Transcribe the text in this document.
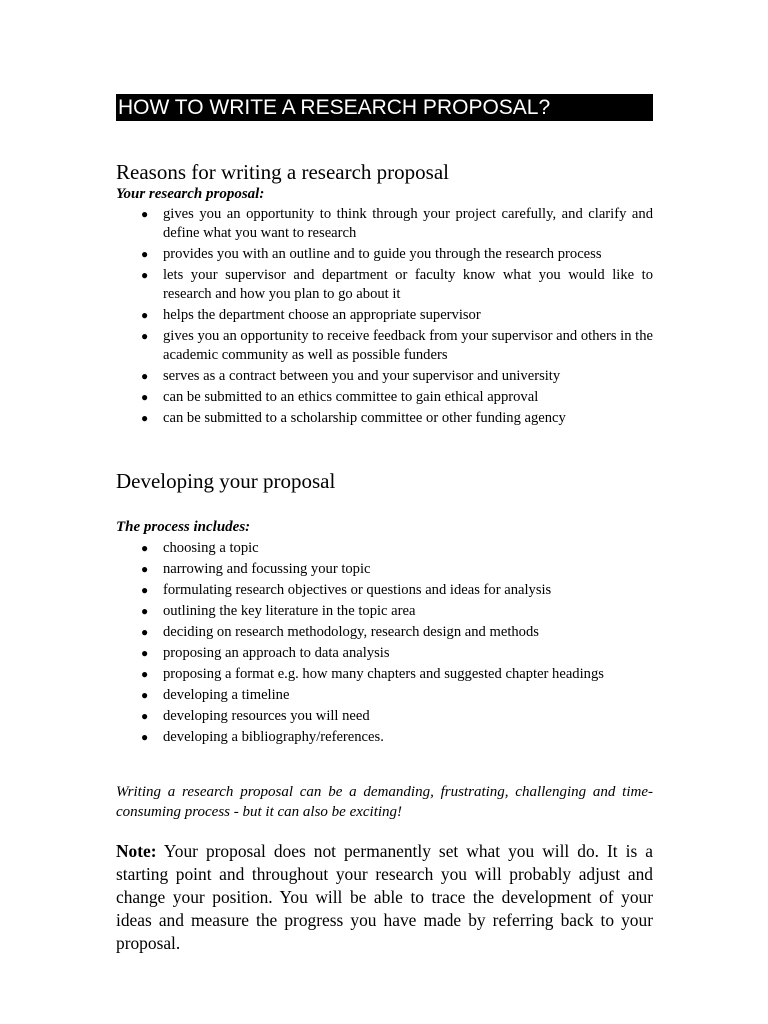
HOW TO WRITE A RESEARCH PROPOSAL?
Reasons for writing a research proposal
Your research proposal:
● gives you an opportunity to think through your project carefully, and clarify and define what you want to research
● provides you with an outline and to guide you through the research process
● lets your supervisor and department or faculty know what you would like to research and how you plan to go about it
● helps the department choose an appropriate supervisor
● gives you an opportunity to receive feedback from your supervisor and others in the academic community as well as possible funders
● serves as a contract between you and your supervisor and university
● can be submitted to an ethics committee to gain ethical approval
● can be submitted to a scholarship committee or other funding agency
Developing your proposal
The process includes:
● choosing a topic
● narrowing and focussing your topic
● formulating research objectives or questions and ideas for analysis
● outlining the key literature in the topic area
● deciding on research methodology, research design and methods
● proposing an approach to data analysis
● proposing a format e.g. how many chapters and suggested chapter headings
● developing a timeline
● developing resources you will need
● developing a bibliography/references.

Writing a research proposal can be a demanding, frustrating, challenging and time-consuming process - but it can also be exciting!

Note: Your proposal does not permanently set what you will do. It is a starting point and throughout your research you will probably adjust and change your position. You will be able to trace the development of your ideas and measure the progress you have made by referring back to your proposal.
